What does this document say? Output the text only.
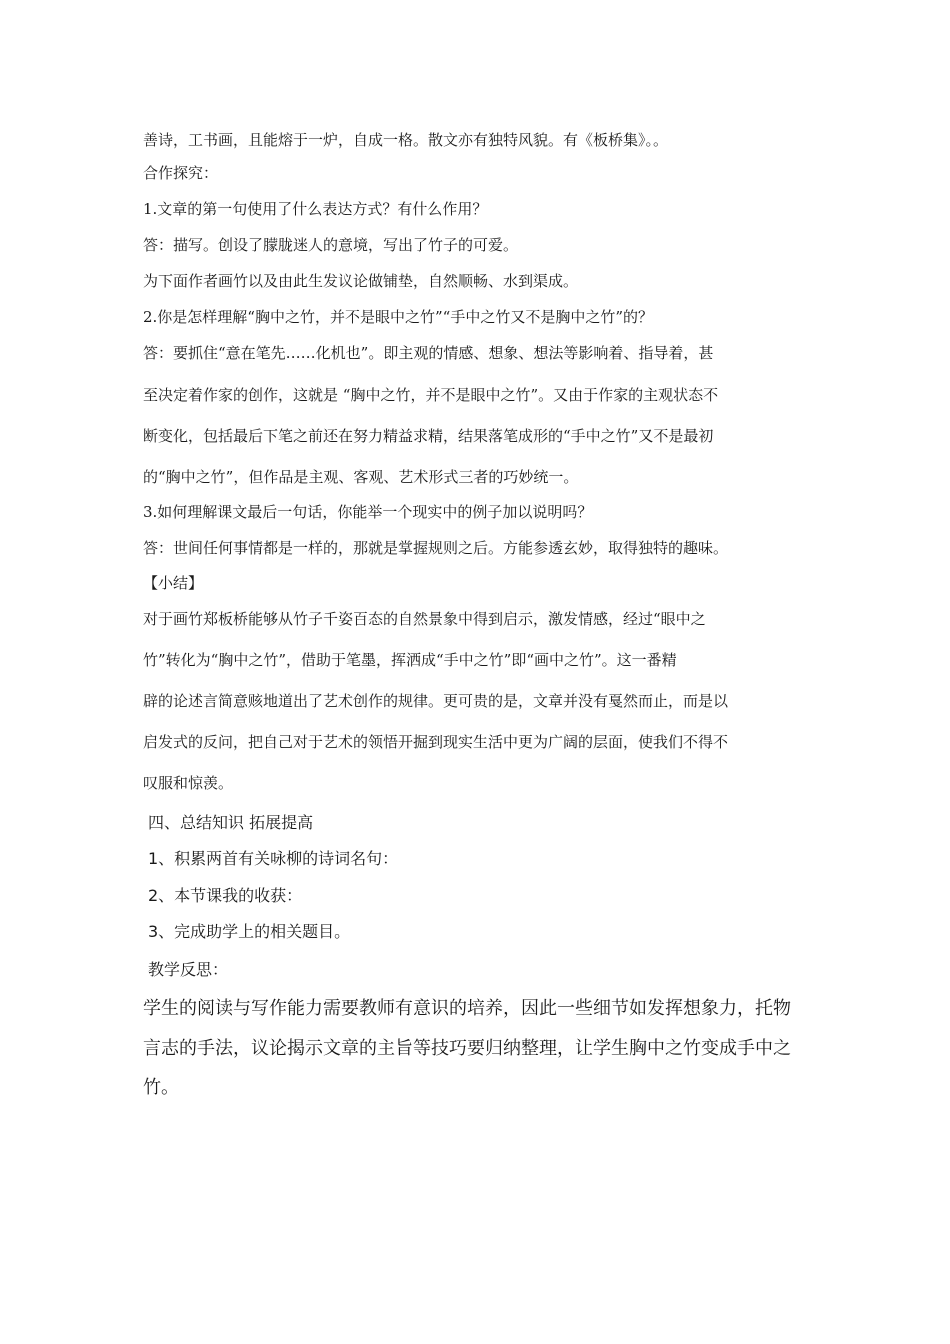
善诗，工书画，且能熔于一炉，自成一格。散文亦有独特风貌。有《板桥集》。。
合作探究：
1.文章的第一句使用了什么表达方式？有什么作用？
答：描写。创设了朦胧迷人的意境，写出了竹子的可爱。
为下面作者画竹以及由此生发议论做铺垫，自然顺畅、水到渠成。
2.你是怎样理解“胸中之竹，并不是眼中之竹”“手中之竹又不是胸中之竹”的？
答：要抓住“意在笔先……化机也”。即主观的情感、想象、想法等影响着、指导着，甚
至决定着作家的创作，这就是 “胸中之竹，并不是眼中之竹”。又由于作家的主观状态不
断变化，包括最后下笔之前还在努力精益求精，结果落笔成形的“手中之竹”又不是最初
的“胸中之竹”，但作品是主观、客观、艺术形式三者的巧妙统一。
3.如何理解课文最后一句话，你能举一个现实中的例子加以说明吗？
答：世间任何事情都是一样的，那就是掌握规则之后。方能参透玄妙，取得独特的趣味。
【小结】
对于画竹郑板桥能够从竹子千姿百态的自然景象中得到启示，激发情感，经过“眼中之
竹”转化为“胸中之竹”，借助于笔墨，挥洒成“手中之竹”即“画中之竹”。这一番精
辟的论述言简意赅地道出了艺术创作的规律。更可贵的是，文章并没有戛然而止，而是以
启发式的反问，把自己对于艺术的领悟开掘到现实生活中更为广阔的层面，使我们不得不
叹服和惊羡。
四、总结知识 拓展提高
1、积累两首有关咏柳的诗词名句：
2、本节课我的收获：
3、完成助学上的相关题目。
教学反思：
学生的阅读与写作能力需要教师有意识的培养，因此一些细节如发挥想象力，托物
言志的手法，议论揭示文章的主旨等技巧要归纳整理，让学生胸中之竹变成手中之
竹。
